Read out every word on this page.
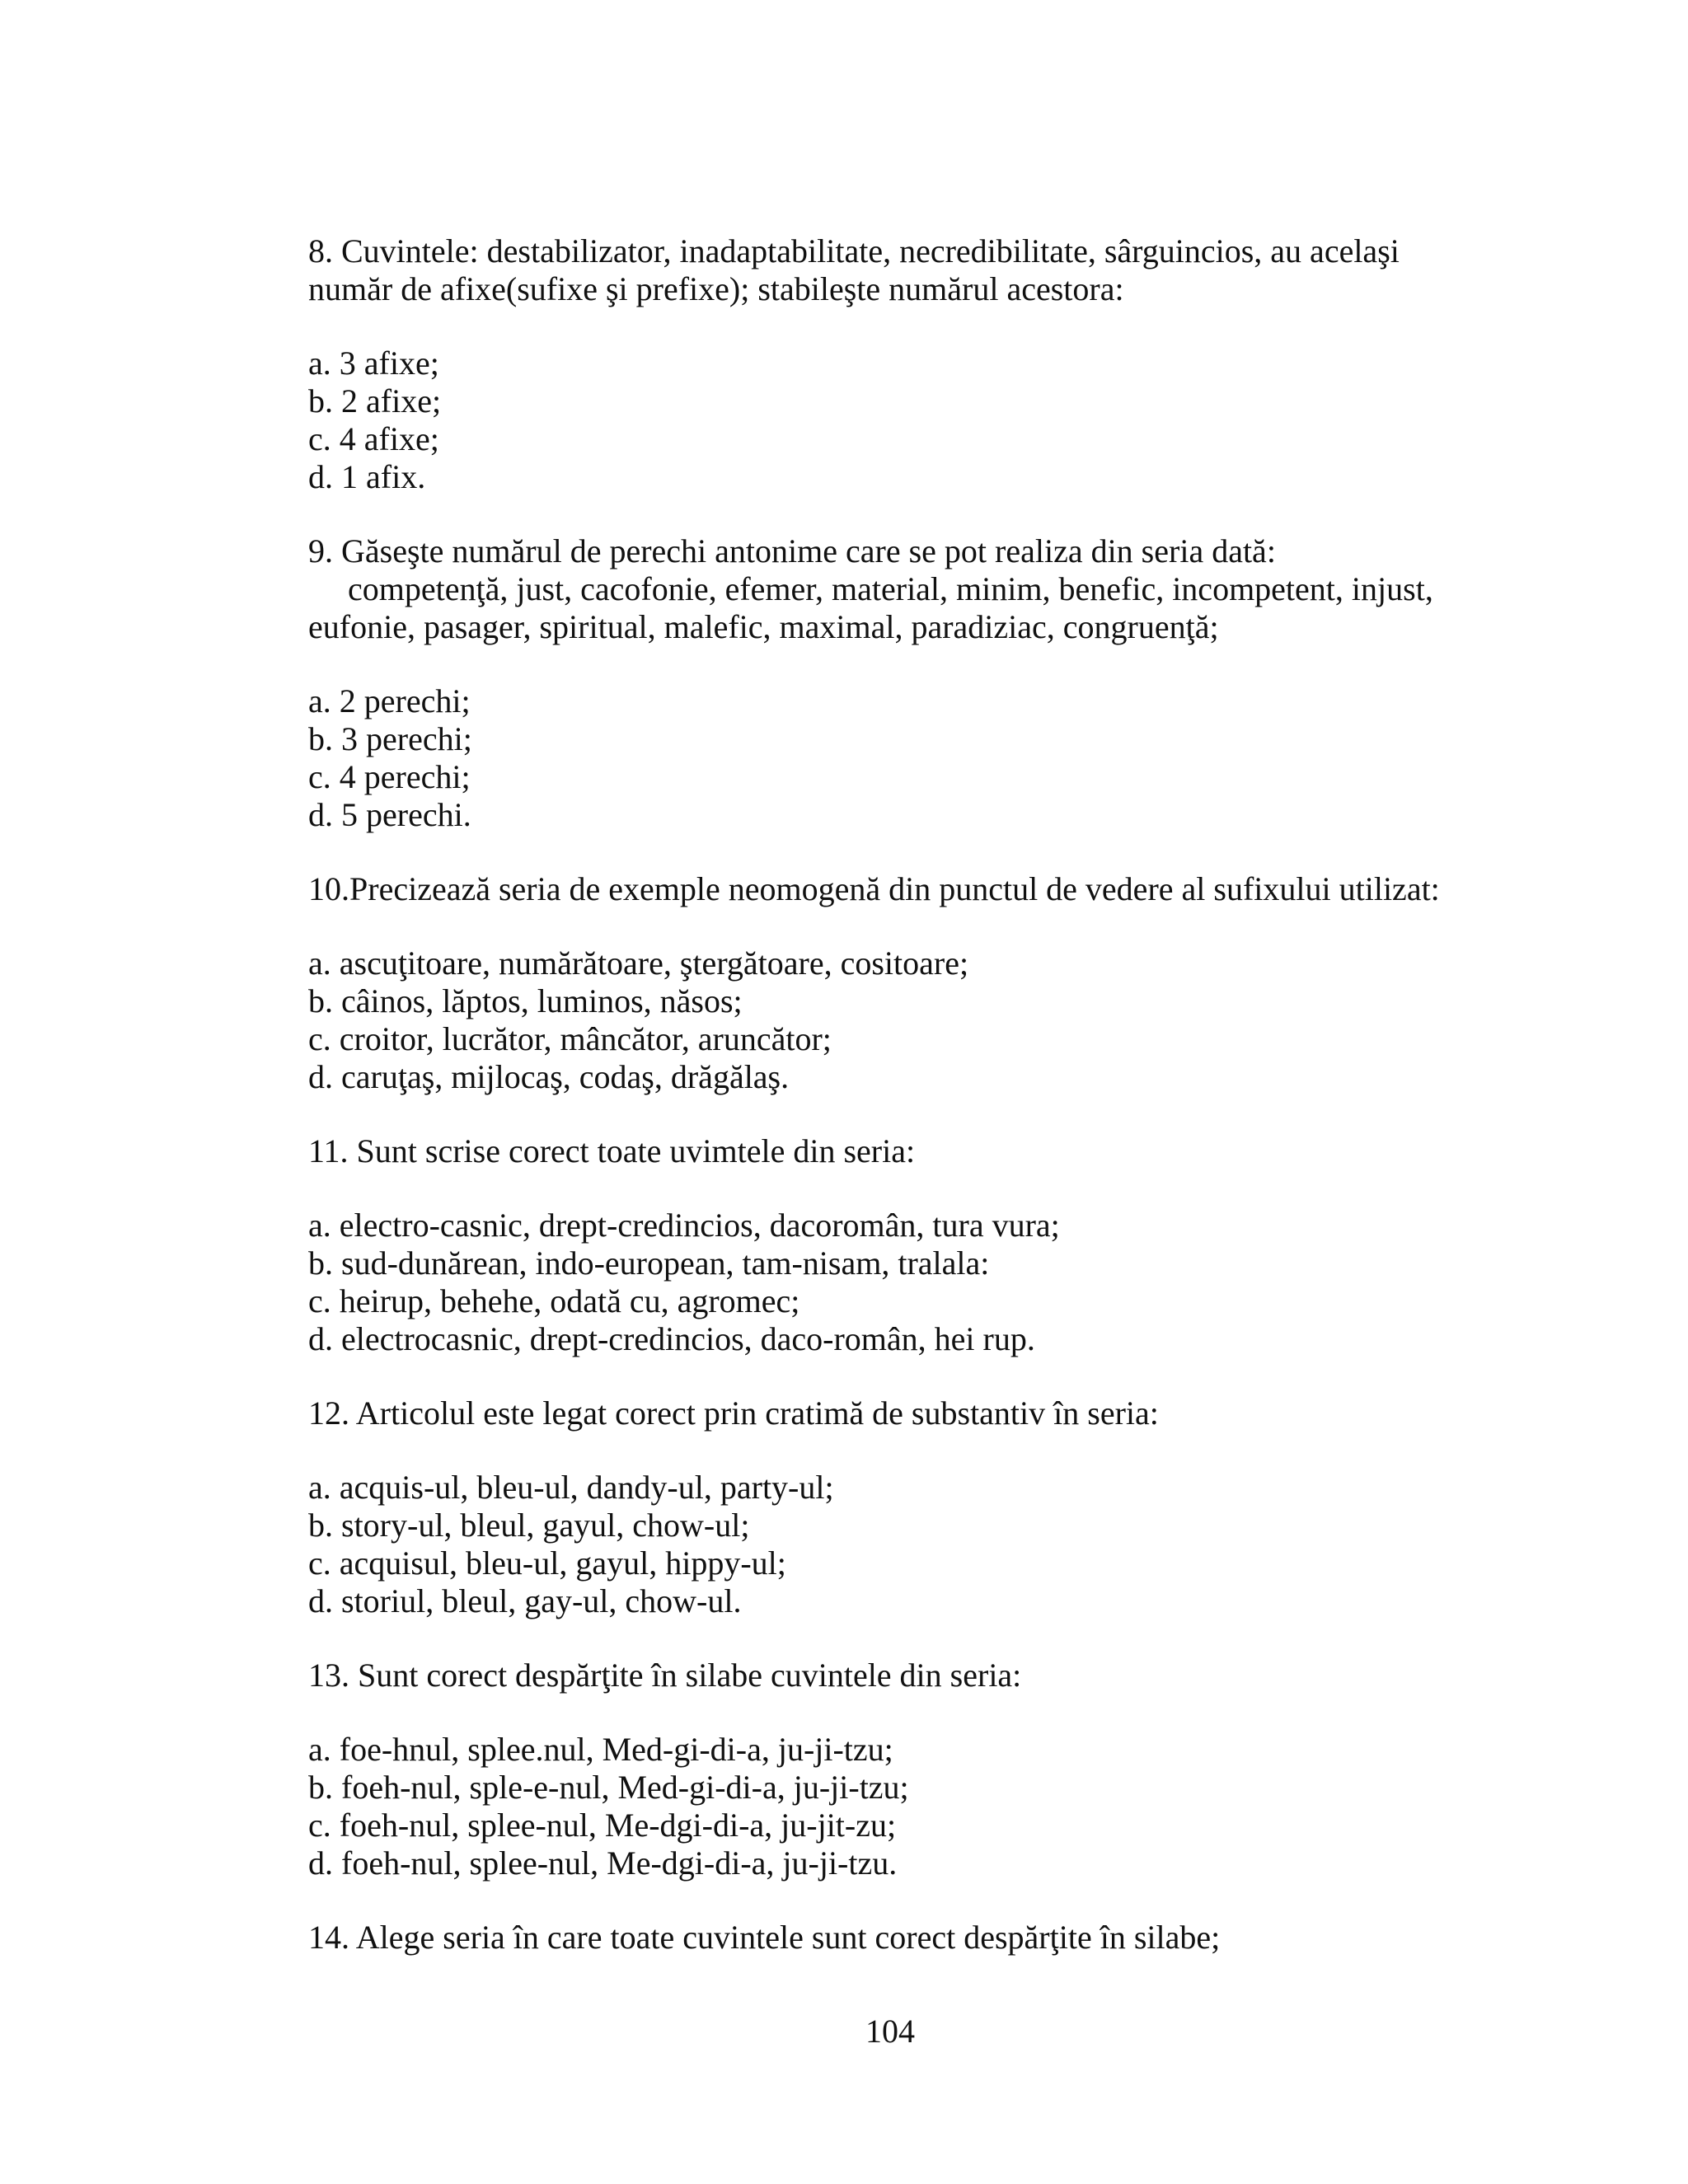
8. Cuvintele: destabilizator, inadaptabilitate, necredibilitate, sârguincios, au acelaşi
număr de afixe(sufixe şi prefixe); stabileşte numărul acestora:
a. 3 afixe;
b. 2 afixe;
c. 4 afixe;
d. 1 afix.
9. Găseşte numărul de perechi antonime care se pot realiza din seria dată:
competenţă, just, cacofonie, efemer, material, minim, benefic, incompetent, injust,
eufonie, pasager, spiritual, malefic, maximal, paradiziac, congruenţă;
a. 2 perechi;
b. 3 perechi;
c. 4 perechi;
d. 5 perechi.
10.Precizează seria de exemple neomogenă din punctul de vedere al sufixului utilizat:
a. ascuţitoare, numărătoare, ştergătoare, cositoare;
b. câinos, lăptos, luminos, năsos;
c. croitor, lucrător, mâncător, aruncător;
d. caruţaş, mijlocaş, codaş, drăgălaş.
11. Sunt scrise corect toate uvimtele din seria:
a. electro-casnic, drept-credincios, dacoromân, tura vura;
b. sud-dunărean, indo-european, tam-nisam, tralala:
c. heirup, behehe, odată cu, agromec;
d. electrocasnic, drept-credincios, daco-român, hei rup.
12. Articolul este legat corect prin cratimă de substantiv în seria:
a. acquis-ul, bleu-ul, dandy-ul, party-ul;
b. story-ul, bleul, gayul, chow-ul;
c. acquisul, bleu-ul, gayul, hippy-ul;
d. storiul, bleul, gay-ul, chow-ul.
13. Sunt corect despărţite în silabe cuvintele din seria:
a. foe-hnul, splee.nul, Med-gi-di-a, ju-ji-tzu;
b. foeh-nul, sple-e-nul, Med-gi-di-a, ju-ji-tzu;
c. foeh-nul, splee-nul, Me-dgi-di-a, ju-jit-zu;
d. foeh-nul, splee-nul, Me-dgi-di-a, ju-ji-tzu.
14. Alege seria în care toate cuvintele sunt corect despărţite în silabe;
104
